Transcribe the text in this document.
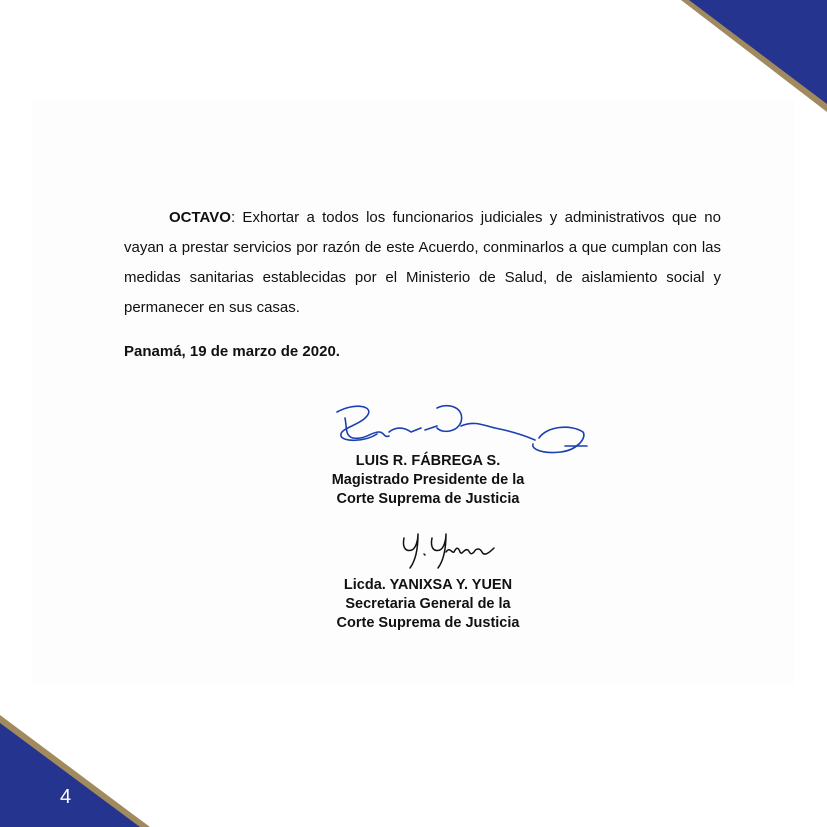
4

OCTAVO: Exhortar a todos los funcionarios judiciales y administrativos que no vayan a prestar servicios por razón de este Acuerdo, conminarlos a que cumplan con las medidas sanitarias establecidas por el Ministerio de Salud, de aislamiento social y permanecer en sus casas.

Panamá, 19 de marzo de 2020.

LUIS R. FÁBREGA S.
Magistrado Presidente de la
Corte Suprema de Justicia
Licda. YANIXSA Y. YUEN
Secretaria General de la
Corte Suprema de Justicia
